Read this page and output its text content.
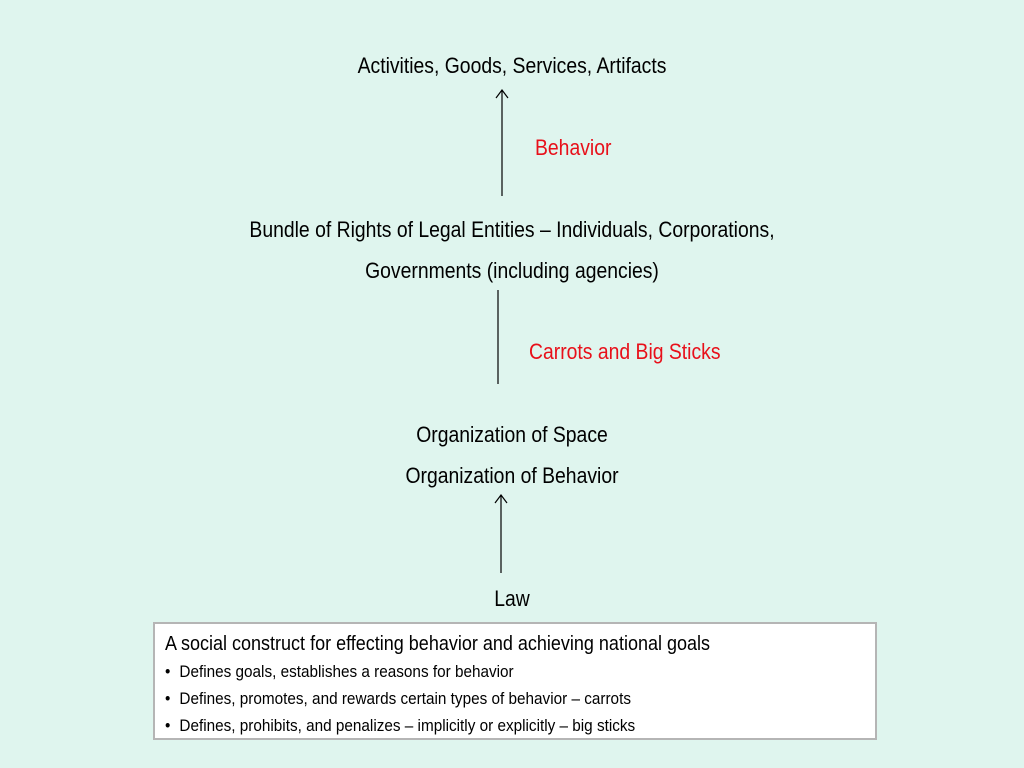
Activities, Goods, Services, Artifacts
Behavior
Bundle of Rights of Legal Entities – Individuals, Corporations,
Governments (including agencies)
Carrots and Big Sticks
Organization of Space
Organization of Behavior
Law
A social construct for effecting behavior and achieving national goals
• Defines goals, establishes a reasons for behavior
• Defines, promotes, and rewards certain types of behavior – carrots
• Defines, prohibits, and penalizes – implicitly or explicitly – big sticks
